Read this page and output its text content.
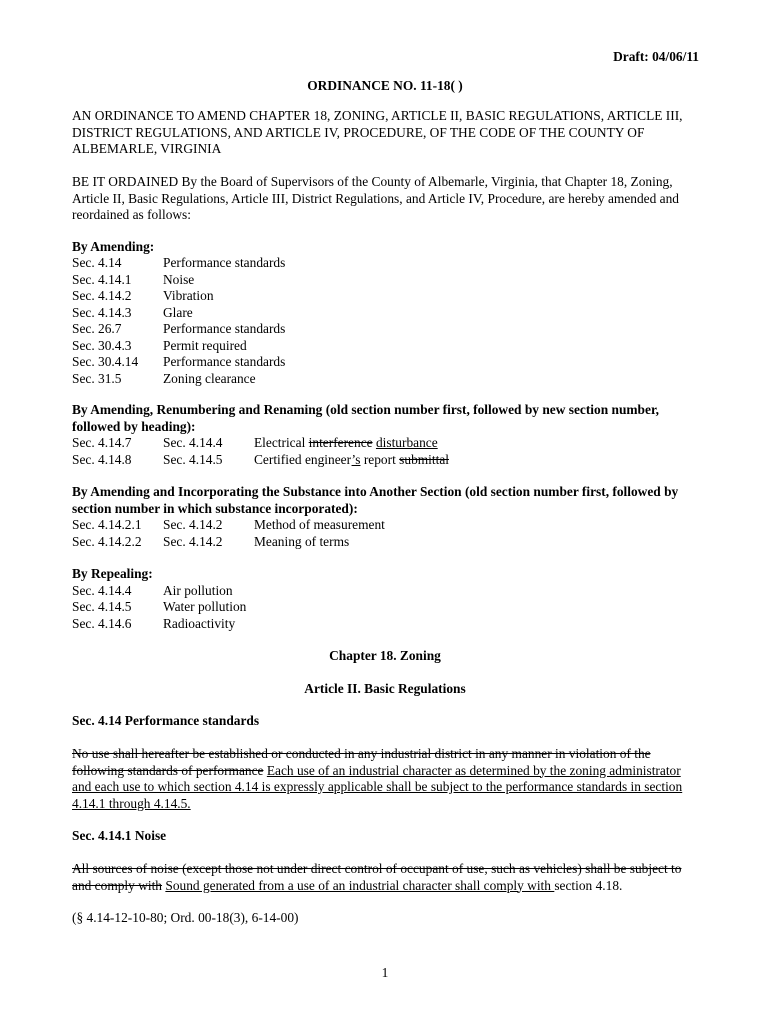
Draft: 04/06/11
ORDINANCE NO. 11-18( )
AN ORDINANCE TO AMEND CHAPTER 18, ZONING, ARTICLE II, BASIC REGULATIONS, ARTICLE III, DISTRICT REGULATIONS, AND ARTICLE IV, PROCEDURE, OF THE CODE OF THE COUNTY OF ALBEMARLE, VIRGINIA
BE IT ORDAINED By the Board of Supervisors of the County of Albemarle, Virginia, that Chapter 18, Zoning, Article II, Basic Regulations, Article III, District Regulations, and Article IV, Procedure, are hereby amended and reordained as follows:
By Amending:
Sec. 4.14	Performance standards
Sec. 4.14.1 Noise
Sec. 4.14.2 Vibration
Sec. 4.14.3 Glare
Sec. 26.7	Performance standards
Sec. 30.4.3 Permit required
Sec. 30.4.14 Performance standards
Sec. 31.5	Zoning clearance
By Amending, Renumbering and Renaming (old section number first, followed by new section number, followed by heading):
Sec. 4.14.7 Sec. 4.14.4 Electrical interference disturbance
Sec. 4.14.8 Sec. 4.14.5 Certified engineer’s report submittal
By Amending and Incorporating the Substance into Another Section (old section number first, followed by section number in which substance incorporated):
Sec. 4.14.2.1 Sec. 4.14.2 Method of measurement
Sec. 4.14.2.2 Sec. 4.14.2 Meaning of terms
By Repealing:
Sec. 4.14.4 Air pollution
Sec. 4.14.5 Water pollution
Sec. 4.14.6 Radioactivity
Chapter 18. Zoning
Article II. Basic Regulations
Sec. 4.14 Performance standards
No use shall hereafter be established or conducted in any industrial district in any manner in violation of the following standards of performance Each use of an industrial character as determined by the zoning administrator and each use to which section 4.14 is expressly applicable shall be subject to the performance standards in section 4.14.1 through 4.14.5.
Sec. 4.14.1 Noise
All sources of noise (except those not under direct control of occupant of use, such as vehicles) shall be subject to and comply with Sound generated from a use of an industrial character shall comply with section 4.18.
(§ 4.14-12-10-80; Ord. 00-18(3), 6-14-00)
1
